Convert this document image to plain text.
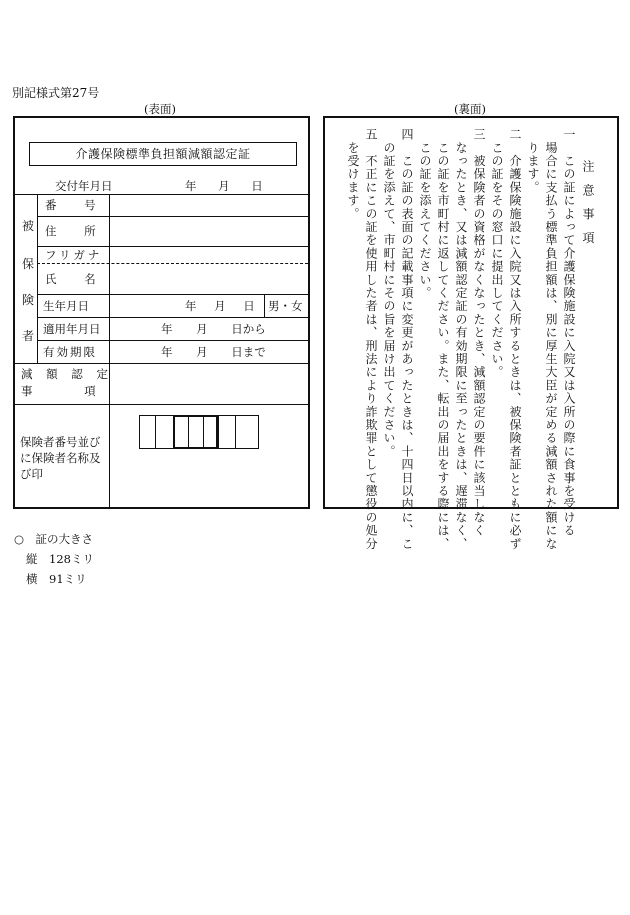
別記様式第27号
(表面)	(裏面)
介護保険標準負担額減額認定証
交付年月日	年 月 日
被
保
険
者
番 号
住 所
フリガナ
氏 名
生年月日	年 月 日 男・女
適用年月日	年 月 日から
有効期限	年 月 日まで
減 額 認 定
事 項
保険者番号並び
に保険者名称及
び印
注 意 事 項
一　この証によって介護保険施設に入院又は入所の際に食事を受ける
　場合に支払う標準負担額は、別に厚生大臣が定める減額された額にな
　ります。
二　介護保険施設に入院又は入所するときは、被保険者証とともに必ず
　この証をその窓口に提出してください。
三　被保険者の資格がなくなったとき、減額認定の要件に該当しなく
　なったとき、又は減額認定証の有効期限に至ったときは、遅滞なく、
　この証を市町村に返してください。また、転出の届出をする際には、
　この証を添えてください。
四　この証の表面の記載事項に変更があったときは、十四日以内に、こ
　の証を添えて、市町村にその旨を届け出てください。
五　不正にこの証を使用した者は、刑法により詐欺罪として懲役の処分
　を受けます。
○　証の大きさ
縦　128ミリ
横　91ミリ
